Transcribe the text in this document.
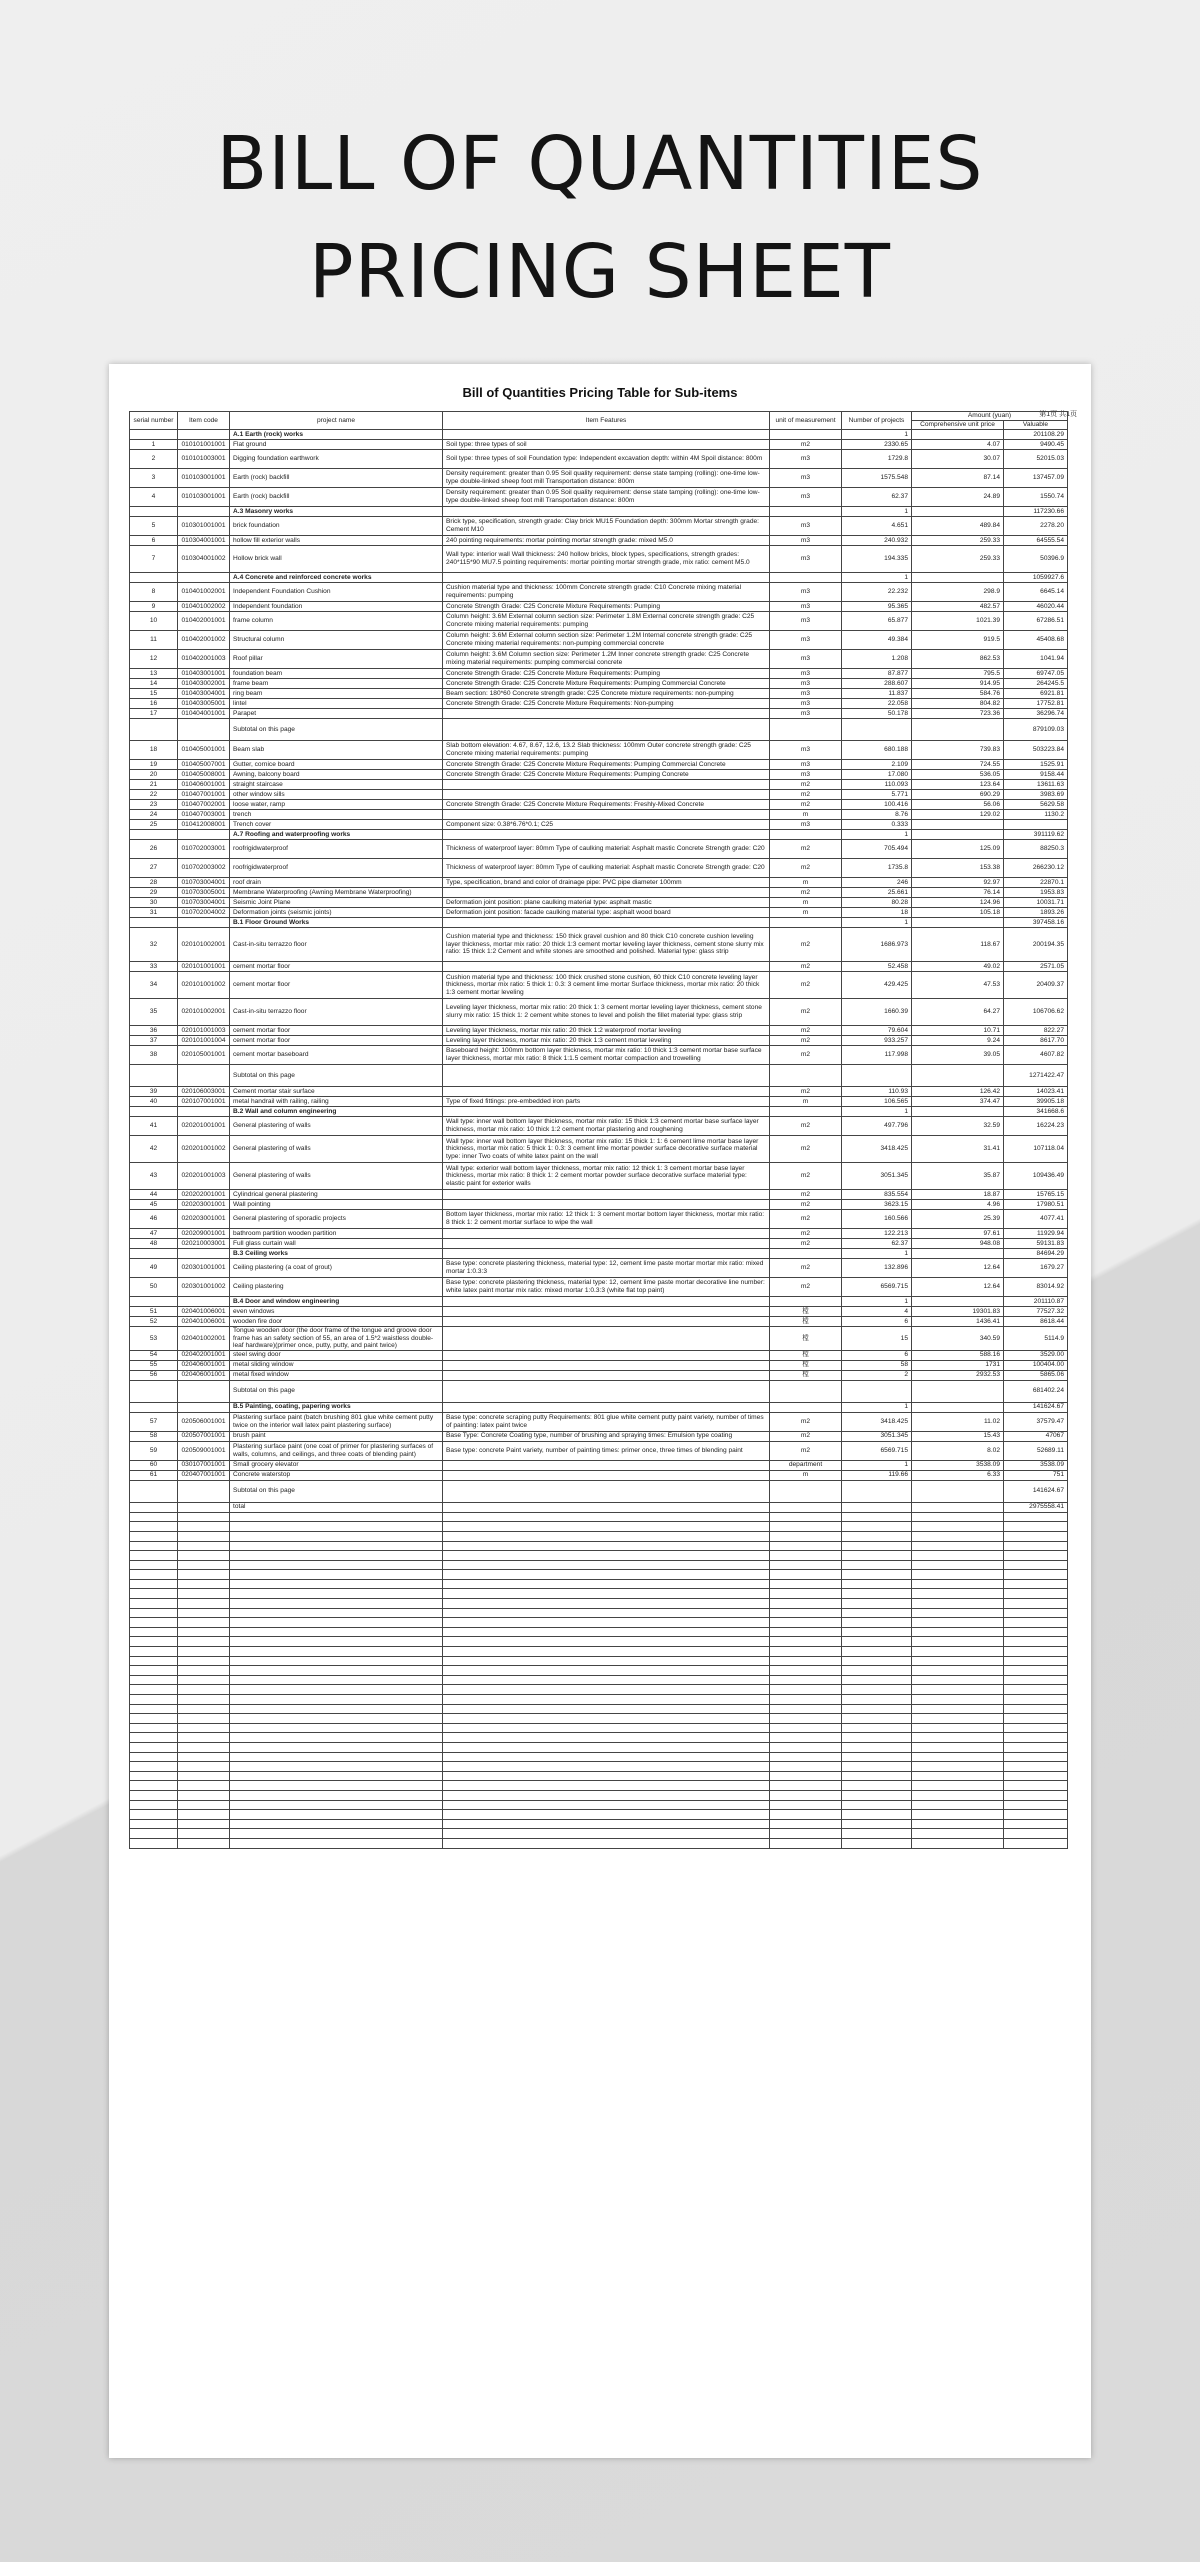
BILL OF QUANTITIES
PRICING SHEET
Bill of Quantities Pricing Table for Sub-items
第1页 共1页
serial number	Item code	project name	Item Features	unit of measurement	Number of projects	Amount (yuan)	
						Comprehensive unit price	Valuable
		A.1 Earth (rock) works			1		201108.29
1	010101001001	Flat ground	Soil type: three types of soil	m2	2330.65	4.07	9490.45
2	010101003001	Digging foundation earthwork	Soil type: three types of soil Foundation type: Independent excavation depth: within 4M Spoil distance: 800m	m3	1729.8	30.07	52015.03
3	010103001001	Earth (rock) backfill	Density requirement: greater than 0.95 Soil quality requirement: dense state tamping (rolling): one-time low-type double-linked sheep foot mill Transportation distance: 800m	m3	1575.548	87.14	137457.09
4	010103001001	Earth (rock) backfill	Density requirement: greater than 0.95 Soil quality requirement: dense state tamping (rolling): one-time low-type double-linked sheep foot mill Transportation distance: 800m	m3	62.37	24.89	1550.74
		A.3 Masonry works			1		117230.66
5	010301001001	brick foundation	Brick type, specification, strength grade: Clay brick MU15 Foundation depth: 300mm Mortar strength grade: Cement M10	m3	4.651	489.84	2278.20
6	010304001001	hollow fill exterior walls	240 pointing requirements: mortar pointing mortar strength grade: mixed M5.0	m3	240.932	259.33	64555.54
7	010304001002	Hollow brick wall	Wall type: interior wall Wall thickness: 240 hollow bricks, block types, specifications, strength grades: 240*115*90 MU7.5 pointing requirements: mortar pointing mortar strength grade, mix ratio: cement M5.0	m3	194.335	259.33	50396.9
		A.4 Concrete and reinforced concrete works			1		1059927.6
8	010401002001	Independent Foundation Cushion	Cushion material type and thickness: 100mm Concrete strength grade: C10 Concrete mixing material requirements: pumping	m3	22.232	298.9	6645.14
9	010401002002	Independent foundation	Concrete Strength Grade: C25 Concrete Mixture Requirements: Pumping	m3	95.365	482.57	46020.44
10	010402001001	frame column	Column height: 3.6M External column section size: Perimeter 1.8M External concrete strength grade: C25 Concrete mixing material requirements: pumping	m3	65.877	1021.39	67286.51
11	010402001002	Structural column	Column height: 3.6M External column section size: Perimeter 1.2M Internal concrete strength grade: C25 Concrete mixing material requirements: non-pumping commercial concrete	m3	49.384	919.5	45408.68
12	010402001003	Roof pillar	Column height: 3.6M Column section size: Perimeter 1.2M Inner concrete strength grade: C25 Concrete mixing material requirements: pumping commercial concrete	m3	1.208	862.53	1041.94
13	010403001001	foundation beam	Concrete Strength Grade: C25 Concrete Mixture Requirements: Pumping	m3	87.877	795.5	69747.05
14	010403002001	frame beam	Concrete Strength Grade: C25 Concrete Mixture Requirements: Pumping Commercial Concrete	m3	288.607	914.95	264245.5
15	010403004001	ring beam	Beam section: 180*60 Concrete strength grade: C25 Concrete mixture requirements: non-pumping	m3	11.837	584.76	6921.81
16	010403005001	lintel	Concrete Strength Grade: C25 Concrete Mixture Requirements: Non-pumping	m3	22.058	804.82	17752.81
17	010404001001	Parapet		m3	50.178	723.36	36296.74
		Subtotal on this page					879109.03
18	010405001001	Beam slab	Slab bottom elevation: 4.67, 8.67, 12.6, 13.2 Slab thickness: 100mm Outer concrete strength grade: C25 Concrete mixing material requirements: pumping	m3	680.188	739.83	503223.84
19	010405007001	Gutter, cornice board	Concrete Strength Grade: C25 Concrete Mixture Requirements: Pumping Commercial Concrete	m3	2.109	724.55	1525.91
20	010405008001	Awning, balcony board	Concrete Strength Grade: C25 Concrete Mixture Requirements: Pumping Concrete	m3	17.080	536.05	9158.44
21	010406001001	straight staircase		m2	110.093	123.64	13611.63
22	010407001001	other window sills		m2	5.771	690.29	3983.69
23	010407002001	loose water, ramp	Concrete Strength Grade: C25 Concrete Mixture Requirements: Freshly-Mixed Concrete	m2	100.416	56.06	5629.58
24	010407003001	trench		m	8.76	129.02	1130.2
25	010412008001	Trench cover	Component size: 0.38*6.76*0.1; C25	m3	0.333		
		A.7 Roofing and waterproofing works			1		391119.62
26	010702003001	roofrigidwaterproof	Thickness of waterproof layer: 80mm Type of caulking material: Asphalt mastic Concrete Strength grade: C20	m2	705.494	125.09	88250.3
27	010702003002	roofrigidwaterproof	Thickness of waterproof layer: 80mm Type of caulking material: Asphalt mastic Concrete Strength grade: C20	m2	1735.8	153.38	266230.12
28	010703004001	roof drain	Type, specification, brand and color of drainage pipe: PVC pipe diameter 100mm	m	246	92.97	22870.1
29	010703005001	Membrane Waterproofing (Awning Membrane Waterproofing)		m2	25.661	76.14	1953.83
30	010703004001	Seismic Joint Plane	Deformation joint position: plane caulking material type: asphalt mastic	m	80.28	124.96	10031.71
31	010702004002	Deformation joints (seismic joints)	Deformation joint position: facade caulking material type: asphalt wood board	m	18	105.18	1893.26
		B.1 Floor Ground Works			1		397458.16
32	020101002001	Cast-in-situ terrazzo floor	Cushion material type and thickness: 150 thick gravel cushion and 80 thick C10 concrete cushion leveling layer thickness, mortar mix ratio: 20 thick 1:3 cement mortar leveling layer thickness, cement stone slurry mix ratio: 15 thick 1:2 Cement and white stones are smoothed and polished. Material type: glass strip	m2	1686.973	118.67	200194.35
33	020101001001	cement mortar floor		m2	52.458	49.02	2571.05
34	020101001002	cement mortar floor	Cushion material type and thickness: 100 thick crushed stone cushion, 60 thick C10 concrete leveling layer thickness, mortar mix ratio: 5 thick 1: 0.3: 3 cement lime mortar Surface thickness, mortar mix ratio: 20 thick 1:3 cement mortar leveling	m2	429.425	47.53	20409.37
35	020101002001	Cast-in-situ terrazzo floor	Leveling layer thickness, mortar mix ratio: 20 thick 1: 3 cement mortar leveling layer thickness, cement stone slurry mix ratio: 15 thick 1: 2 cement white stones to level and polish the fillet material type: glass strip	m2	1660.39	64.27	106706.62
36	020101001003	cement mortar floor	Leveling layer thickness, mortar mix ratio: 20 thick 1:2 waterproof mortar leveling	m2	79.604	10.71	822.27
37	020101001004	cement mortar floor	Leveling layer thickness, mortar mix ratio: 20 thick 1:3 cement mortar leveling	m2	933.257	9.24	8617.70
38	020105001001	cement mortar baseboard	Baseboard height: 100mm bottom layer thickness, mortar mix ratio: 10 thick 1:3 cement mortar base surface layer thickness, mortar mix ratio: 8 thick 1:1.5 cement mortar compaction and trowelling	m2	117.998	39.05	4607.82
		Subtotal on this page					1271422.47
39	020106003001	Cement mortar stair surface		m2	110.93	126.42	14023.41
40	020107001001	metal handrail with railing, railing	Type of fixed fittings: pre-embedded iron parts	m	106.565	374.47	39905.18
		B.2 Wall and column engineering			1		341668.6
41	020201001001	General plastering of walls	Wall type: inner wall bottom layer thickness, mortar mix ratio: 15 thick 1:3 cement mortar base surface layer thickness, mortar mix ratio: 10 thick 1:2 cement mortar plastering and roughening	m2	497.796	32.59	16224.23
42	020201001002	General plastering of walls	Wall type: inner wall bottom layer thickness, mortar mix ratio: 15 thick 1: 1: 6 cement lime mortar base layer thickness, mortar mix ratio: 5 thick 1: 0.3: 3 cement lime mortar powder surface decorative surface material type: inner Two coats of white latex paint on the wall	m2	3418.425	31.41	107118.04
43	020201001003	General plastering of walls	Wall type: exterior wall bottom layer thickness, mortar mix ratio: 12 thick 1: 3 cement mortar base layer thickness, mortar mix ratio: 8 thick 1: 2 cement mortar powder surface decorative surface material type: elastic paint for exterior walls	m2	3051.345	35.87	109436.49
44	020202001001	Cylindrical general plastering		m2	835.554	18.87	15765.15
45	020203001001	Wall pointing		m2	3623.15	4.96	17980.51
46	020203001001	General plastering of sporadic projects	Bottom layer thickness, mortar mix ratio: 12 thick 1: 3 cement mortar bottom layer thickness, mortar mix ratio: 8 thick 1: 2 cement mortar surface to wipe the wall	m2	160.566	25.39	4077.41
47	020209001001	bathroom partition wooden partition		m2	122.213	97.61	11929.94
48	020210003001	Full glass curtain wall		m2	62.37	948.08	59131.83
		B.3 Ceiling works			1		84694.29
49	020301001001	Ceiling plastering (a coat of grout)	Base type: concrete plastering thickness, material type: 12, cement lime paste mortar mortar mix ratio: mixed mortar 1:0.3:3	m2	132.896	12.64	1679.27
50	020301001002	Ceiling plastering	Base type: concrete plastering thickness, material type: 12, cement lime paste mortar decorative line number: white latex paint mortar mix ratio: mixed mortar 1:0.3:3 (white flat top paint)	m2	6569.715	12.64	83014.92
		B.4 Door and window engineering			1		201110.87
51	020401006001	even windows		樘	4	19301.83	77527.32
52	020401006001	wooden fire door		樘	6	1436.41	8618.44
53	020401002001	Tongue wooden door (the door frame of the tongue and groove door frame has an safety section of 55, an area of 1.5*2 waistless double-leaf hardware)(primer once, putty, putty, and paint twice)		樘	15	340.59	5114.9
54	020402001001	steel swing door		樘	6	588.16	3529.00
55	020406001001	metal sliding window		樘	58	1731	100404.00
56	020406001001	metal fixed window		樘	2	2932.53	5865.06
		Subtotal on this page					681402.24
		B.5 Painting, coating, papering works			1		141624.67
57	020506001001	Plastering surface paint (batch brushing 801 glue white cement putty twice on the interior wall latex paint plastering surface)	Base type: concrete scraping putty Requirements: 801 glue white cement putty paint variety, number of times of painting: latex paint twice	m2	3418.425	11.02	37579.47
58	020507001001	brush paint	Base Type: Concrete Coating type, number of brushing and spraying times: Emulsion type coating	m2	3051.345	15.43	47067
59	020509001001	Plastering surface paint (one coat of primer for plastering surfaces of walls, columns, and ceilings, and three coats of blending paint)	Base type: concrete Paint variety, number of painting times: primer once, three times of blending paint	m2	6569.715	8.02	52689.11
60	030107001001	Small grocery elevator		department	1	3538.09	3538.09
61	020407001001	Concrete waterstop		m	119.66	6.33	751
		Subtotal on this page					141624.67
		total					2975558.41
